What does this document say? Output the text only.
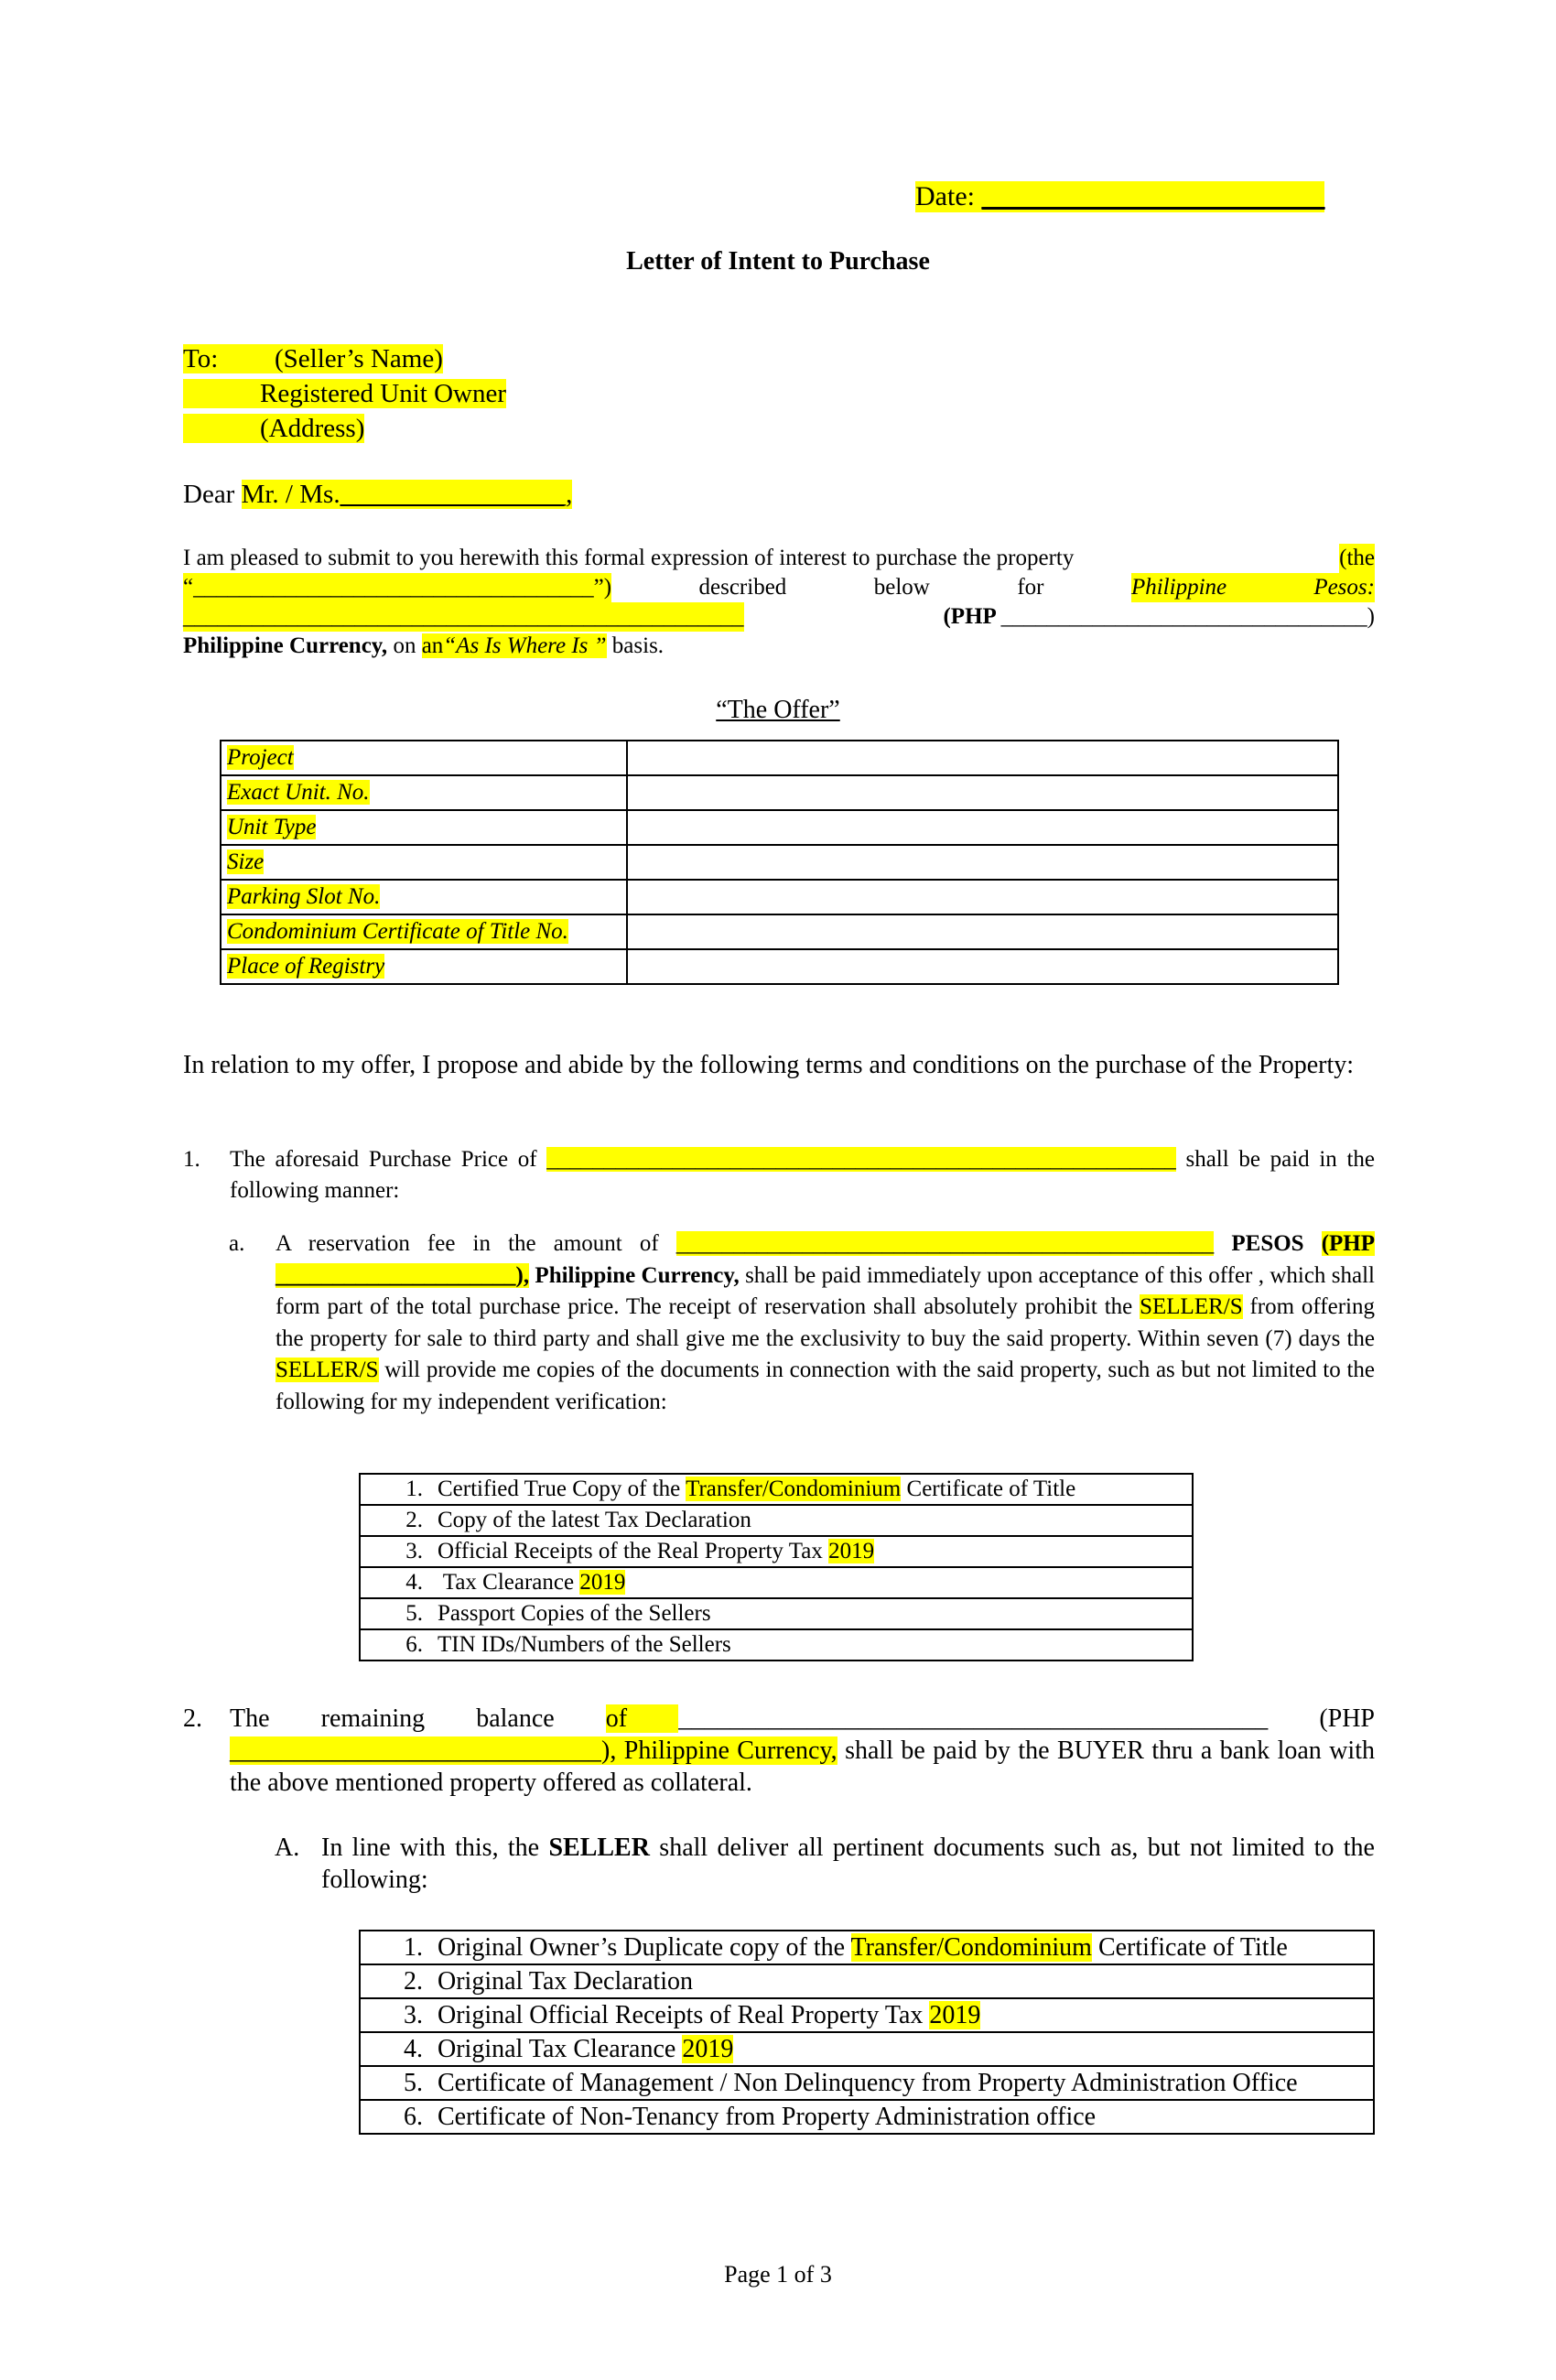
Date: _________________________
Letter of Intent to Purchase
To: (Seller’s Name)
Registered Unit Owner
(Address)
Dear Mr. / Ms._________________,
I am pleased to submit to you herewith this formal expression of interest to purchase the property	(the
“___________________________________”)	described	below	for	Philippine	Pesos:
_________________________________________________	(PHP ________________________________)
Philippine Currency, on an“As Is Where Is ” basis.
“The Offer”
Project	
Exact Unit. No.	
Unit Type	
Size	
Parking Slot No.	
Condominium Certificate of Title No.	
Place of Registry	
In relation to my offer, I propose and abide by the following terms and conditions on the purchase of the Property:
1. The aforesaid Purchase Price of _______________________________________________________ shall be paid in the following manner:
a. A reservation fee in the amount of _______________________________________________ PESOS (PHP _____________________), Philippine Currency, shall be paid immediately upon acceptance of this offer , which shall form part of the total purchase price. The receipt of reservation shall absolutely prohibit the SELLER/S from offering the property for sale to third party and shall give me the exclusivity to buy the said property. Within seven (7) days the SELLER/S will provide me copies of the documents in connection with the said property, such as but not limited to the following for my independent verification:
1. Certified True Copy of the Transfer/Condominium Certificate of Title
2. Copy of the latest Tax Declaration
3. Official Receipts of the Real Property Tax 2019
4. Tax Clearance 2019
5. Passport Copies of the Sellers
6. TIN IDs/Numbers of the Sellers
2. The remaining balance of ______________________________________________ (PHP _____________________________), Philippine Currency, shall be paid by the BUYER thru a bank loan with the above mentioned property offered as collateral.
A. In line with this, the SELLER shall deliver all pertinent documents such as, but not limited to the following:
1. Original Owner’s Duplicate copy of the Transfer/Condominium Certificate of Title
2. Original Tax Declaration
3. Original Official Receipts of Real Property Tax 2019
4. Original Tax Clearance 2019
5. Certificate of Management / Non Delinquency from Property Administration Office
6. Certificate of Non-Tenancy from Property Administration office
Page 1 of 3
